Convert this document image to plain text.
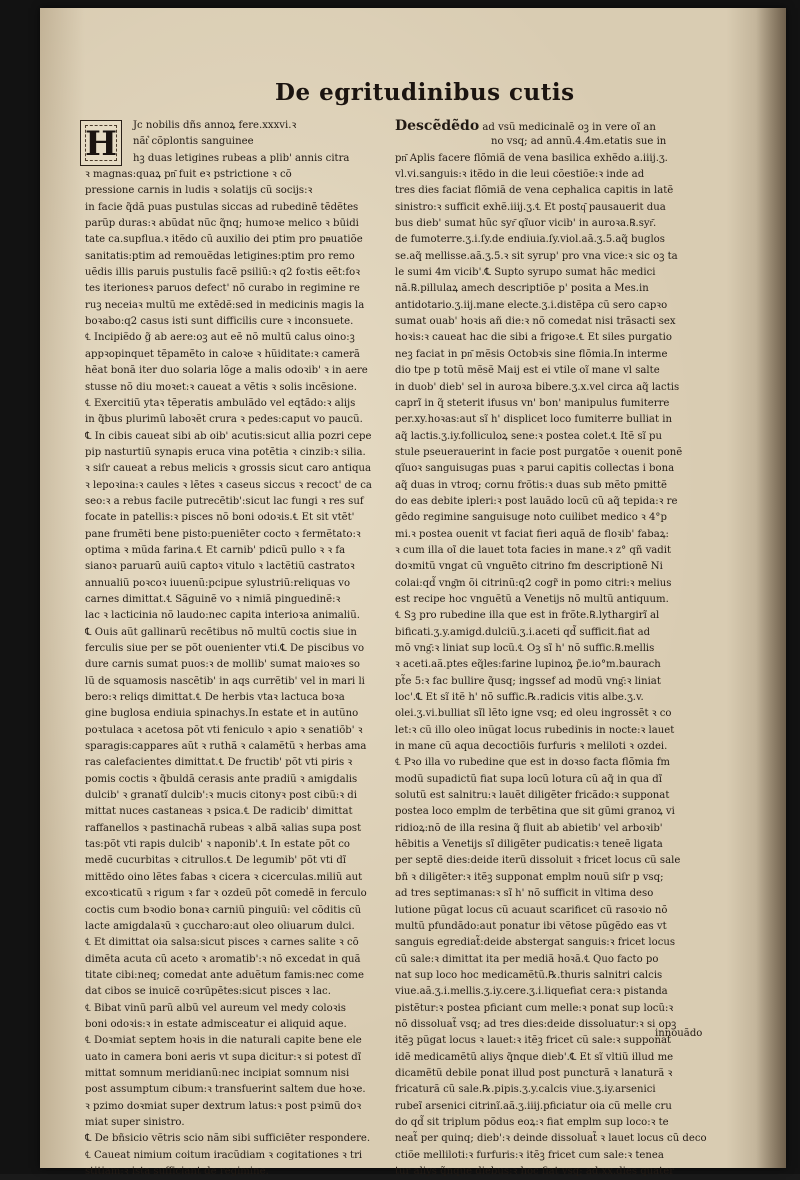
De egritudinibus cutis
H	Jc nobilis dñs annoꝝ fere.xxxvi.ꝛ
nãt͛ cõplontis sanguinee
hꝫ duas letigines rubeas a plib' annis citra
ꝛ magnas:quaꝝ pn͂ fuit eꝛ pstrictione ꝛ cõ
pressione carnis in ludis ꝛ solatijs cũ socijs:ꝛ
in facie q̃dã puas pustulas siccas ad rubedinẽ tẽdẽtes
parũp duras:ꝛ abũdat nũc q̃nq; humoꝛe melico ꝛ būidi
tate ca.supflua.ꝛ itẽdo cũ auxilio dei ptim pro pᵰuatiõe
sanitatis:ptim ad remouẽdas letigines:ptim pro remo
uẽdis illis paruis pustulis facẽ psiliũ:ꝛ q2 foꝛtis eẽt:foꝛ
tes iterionesꝛ paruos defect' nõ curabo in regimine re
ruꝫ neceiaꝛ multũ me extẽdẽ:sed in medicinis magis la
boꝛabo:q2 casus isti sunt difficilis cure ꝛ inconsuete.
℄ Incipiẽdo g̃ ab aere:oꝫ aut eẽ nõ multũ calus oino:ꝫ
appꝛopinquet tẽpamẽto in caloꝛe ꝛ hũiditate:ꝛ camerã
hẽat bonã iter duo solaria lõge a malis odoꝛib' ꝛ in aere
stusse nõ diu moꝛet:ꝛ caueat a vẽtis ꝛ solis incẽsione.
℄ Exercitiũ ytaꝛ tẽperatis ambulãdo vel eqtãdo:ꝛ alijs
in q̃bus plurimũ laboꝛẽt crura ꝛ pedes:caput vo paucũ.
℄ In cibis caueat sibi ab oib' acutis:sicut allia pozri cepe
pip nasturtiũ synapis eruca vina potẽtia ꝛ cinzib:ꝛ silia.
ꝛ siſr caueat a rebus melicis ꝛ grossis sicut caro antiqua
ꝛ lepoꝛina:ꝛ caules ꝛ lẽtes ꝛ caseus siccus ꝛ recoct' de ca
seo:ꝛ a rebus facile putrecẽtib':sicut lac fungi ꝛ res suf
focate in patellis:ꝛ pisces nõ boni odoꝛis.℄ Et sit vtẽt'
pane frumẽti bene pisto:pueniẽter cocto ꝛ fermẽtato:ꝛ
optima ꝛ mũda farina.℄ Et carnib' pdicũ pullo ꝛ ꝛ fa
sianoꝛ paruarũ auiũ captoꝛ vitulo ꝛ lactẽtiũ castratoꝛ
annualiũ poꝛcoꝛ iuuenũ:pcipue sylustriũ:reliquas vo
carnes dimittat.℄ Sãguinẽ vo ꝛ nimiã pinguedinẽ:ꝛ
lac ꝛ lacticinia nõ laudo:nec capita interioꝛa animaliũ.
℄ Ouis aũt gallinarũ recẽtibus nõ multũ coctis siue in
ferculis siue per se põt ouenienter vti.℄ De piscibus vo
dure carnis sumat puos:ꝛ de mollib' sumat maioꝛes so
lũ de squamosis nascẽtib' in aqs currẽtib' vel in mari li
bero:ꝛ reliqs dimittat.℄ De herbis vtaꝛ lactuca boꝛa
gine buglosa endiuia spinachys.In estate et in autũno
poꝛtulaca ꝛ acetosa põt vti feniculo ꝛ apio ꝛ senatiõb' ꝛ
sparagis:cappares aũt ꝛ ruthã ꝛ calamẽtũ ꝛ herbas ama
ras calefacientes dimittat.℄ De fructib' põt vti piris ꝛ
pomis coctis ꝛ q̃buldã cerasis ante pradiũ ꝛ amigdalis
dulcib' ꝛ granatĩ dulcib':ꝛ mucis citonyꝛ post cibũ:ꝛ di
mittat nuces castaneas ꝛ psica.℄ De radicib' dimittat
raffanellos ꝛ pastinachã rubeas ꝛ albã ꝛalias supa post
tas:põt vti rapis dulcib' ꝛ naponib'.℄ In estate põt co
medẽ cucurbitas ꝛ citrullos.℄ De legumib' põt vti dĩ
mittẽdo oino lẽtes fabas ꝛ cicera ꝛ cicerculas.miliũ aut
excoꝛticatũ ꝛ rigum ꝛ far ꝛ ozdeũ põt comedẽ in ferculo
coctis cum bꝛodio bonaꝛ carniũ pinguiũ: vel cõditis cũ
lacte amigdalaꝛũ ꝛ çuccharo:aut oleo oliuarum dulci.
℄ Et dimittat oia salsa:sicut pisces ꝛ carnes salite ꝛ cõ
dimẽta acuta cũ aceto ꝛ aromatib':ꝛ nõ excedat in quã
titate cibi:neq; comedat ante aduẽtum famis:nec come
dat cibos se inuicẽ coꝛrũpẽtes:sicut pisces ꝛ lac.
℄ Bibat vinũ parũ albũ vel aureum vel medy coloꝛis
boni odoꝛis:ꝛ in estate admisceatur ei aliquid aque.
℄ Doꝛmiat septem hoꝛis in die naturali capite bene ele
uato in camera boni aeris vt supa dicitur:ꝛ si potest dĩ
mittat somnum meridianũ:nec incipiat somnum nisi
post assumptum cibum:ꝛ transfuerint saltem due hoꝛe.
ꝛ pzimo doꝛmiat super dextrum latus:ꝛ post pꝛimũ doꝛ
miat super sinistro.
℄ De bñsicio vẽtris scio nãm sibi sufficiẽter respondere.
℄ Caueat nimium coitum iracũdiam ꝛ cogitationes ꝛ tri
stitiam:ꝛ ista sufficiant de regimine.
Descẽdẽdo ad vsũ medicinalẽ oꝫ in vere oĩ an
no vsq; ad annũ.4.4m.etatis sue in
pn͂ Aplis facere flõmiã de vena basilica exhẽdo a.iiij.ʒ.
vl.vi.sanguis:ꝛ itẽdo in die leui cõestiõe:ꝛ inde ad
tres dies faciat flõmiã de vena cephalica capitis in latẽ
sinistro:ꝛ sufficit exhẽ.iiij.ʒ.℄ Et postq͂ pausauerit dua
bus dieb' sumat hũc syr͂ qĩuor vicib' in auroꝛa.℞.syr͂.
de fumoterre.ʒ.i.ſy.de endiuia.ſy.viol.aã.ʒ.5.aq̃ buglos
se.aq̃ mellisse.aã.ʒ.5.ꝛ sit syrup' pro vna vice:ꝛ sic oꝫ ta
le sumi 4m vicib'.℄ Supto syrupo sumat hãc medici
nã.℞.pillulaꝝ amech descriptiõe p' posita a Mes.in
antidotario.ʒ.iij.mane electe.ʒ.i.distẽpa cũ sero capꝛo
sumat ouab' hoꝛis añ die:ꝛ nõ comedat nisi trãsacti sex
hoꝛis:ꝛ caueat hac die sibi a frigoꝛe.℄ Et siles purgatio
neꝫ faciat in pn͂ mẽsis Octobꝛis sine flõmia.In interme
dio tpe p totũ mẽsẽ Maij est ei vtile oĩ mane vl salte
in duob' dieb' sel in auroꝛa bibere.ʒ.x.vel circa aq̃ lactis
caprĩ in q̃ steterit ifusus vn' bon' manipulus fumiterre
per.xy.hoꝛas:aut sĩ h' displicet loco fumiterre bulliat in
aq̃ lactis.ʒ.iy.folliculoꝝ sene:ꝛ postea colet.℄ Itẽ sĩ pu
stule pseuerauerint in facie post purgatõe ꝛ ouenit ponẽ
qĩuoꝛ sanguisugas puas ꝛ parui capitis collectas i bona
aq̃ duas in vtroq; cornu frõtis:ꝛ duas sub mẽto pmittẽ
do eas debite ipleri:ꝛ post lauãdo locũ cũ aq̃ tepida:ꝛ re
gẽdo regimine sanguisuge noto cuilibet medico ꝛ 4°p
mi.ꝛ postea ouenit vt faciat fieri aquã de floꝛib' fabaꝝ:
ꝛ cum illa oĩ die lauet tota facies in mane.ꝛ z° qñ vadit
doꝛmitũ vngat cũ vnguẽto citrino fm descriptionẽ Ni
colai:qd̃ vng͂m õi citrinũ:q2 cogr̃ in pomo citri:ꝛ melius
est recipe hoc vnguẽtũ a Venetijs nõ multũ antiquum.
℄ Sꝫ pro rubedine illa que est in frõte.℞.lythargirĩ al
bificati.ʒ.y.amigd.dulciũ.ʒ.i.aceti qd̃ sufficit.fiat ad
mõ vng͂:ꝛ liniat sup locũ.℄ Oꝫ sĩ h' nõ suffic.℞.mellis
ꝛ aceti.aã.ptes eq̃les:farine lupinoꝝ p̃e.io°m.baurach
pt̃e 5:ꝛ fac bullire q̃usq; ingssef ad modũ vng͂:ꝛ liniat
loc'.℄ Et sĩ itẽ h' nõ suffic.℞.radicis vitis albe.ʒ.v.
olei.ʒ.vi.bulliat sĩl lẽto igne vsq; ed oleu ingrossẽt ꝛ co
let:ꝛ cũ illo oleo inũgat locus rubedinis in nocte:ꝛ lauet
in mane cũ aqua decoctiõis furfuris ꝛ meliloti ꝛ ozdei.
℄ Pꝛo illa vo rubedine que est in doꝛso facta flõmia fm
modũ supadictũ fiat supa locũ lotura cũ aq̃ in qua dĩ
solutũ est salnitru:ꝛ lauẽt diligẽter fricãdo:ꝛ supponat
postea loco emplm de terbẽtina que sit gũmi granoꝝ vi
ridioꝝ:nõ de illa resina q̃ fluit ab abietib' vel arboꝛib'
hẽbitis a Venetijs sĩ diligẽter pudicatis:ꝛ teneẽ ligata
per septẽ dies:deide iterũ dissoluit ꝛ fricet locus cũ sale
bñ ꝛ diligẽter:ꝛ itẽꝫ supponat emplm nouũ siſr p vsq;
ad tres septimanas:ꝛ sĩ h' nõ sufficit in vltima deso
lutione pũgat locus cũ acuaut scarificet cũ rasoꝛio nõ
multũ pfundãdo:aut ponatur ibi vẽtose pũgẽdo eas vt
sanguis egrediat̃:deide abstergat sanguis:ꝛ fricet locus
cũ sale:ꝛ dimittat ita per mediã hoꝛã.℄ Quo facto po
nat sup loco hoc medicamẽtũ.℞.thuris salnitri calcis
viue.aã.ʒ.i.mellis.ʒ.iy.cere.ʒ.i.liquefiat cera:ꝛ pistanda
pistẽtur:ꝛ postea pficiant cum melle:ꝛ ponat sup locũ:ꝛ
nõ dissoluat̃ vsq; ad tres dies:deide dissoluatur:ꝛ si opꝫ
itẽꝫ pũgat locus ꝛ lauet:ꝛ itẽꝫ fricet cũ sale:ꝛ supponat
idẽ medicamẽtũ aliys q̃nque dieb'.℄ Et sĩ vltiũ illud me
dicamẽtũ debile ponat illud post puncturã ꝛ lanaturã ꝛ
fricaturã cũ sale.℞.pipis.ʒ.y.calcis viue.ʒ.iy.arsenici
rubeĩ arsenici citrinĩ.aã.ʒ.iiij.pficiatur oia cũ melle cru
do qd̃ sit triplum põdus eoꝝ:ꝛ fiat emplm sup loco:ꝛ te
neat̃ per quinq; dieb':ꝛ deinde dissoluat̃ ꝛ lauet locus cũ deco
ctiõe melliloti:ꝛ furfuris:ꝛ itẽꝫ fricet cum sale:ꝛ tenea
tur aliys q̃nque diebus:ꝛ hoc fiat vsq; ad.xx.dies quater
innouãdo
